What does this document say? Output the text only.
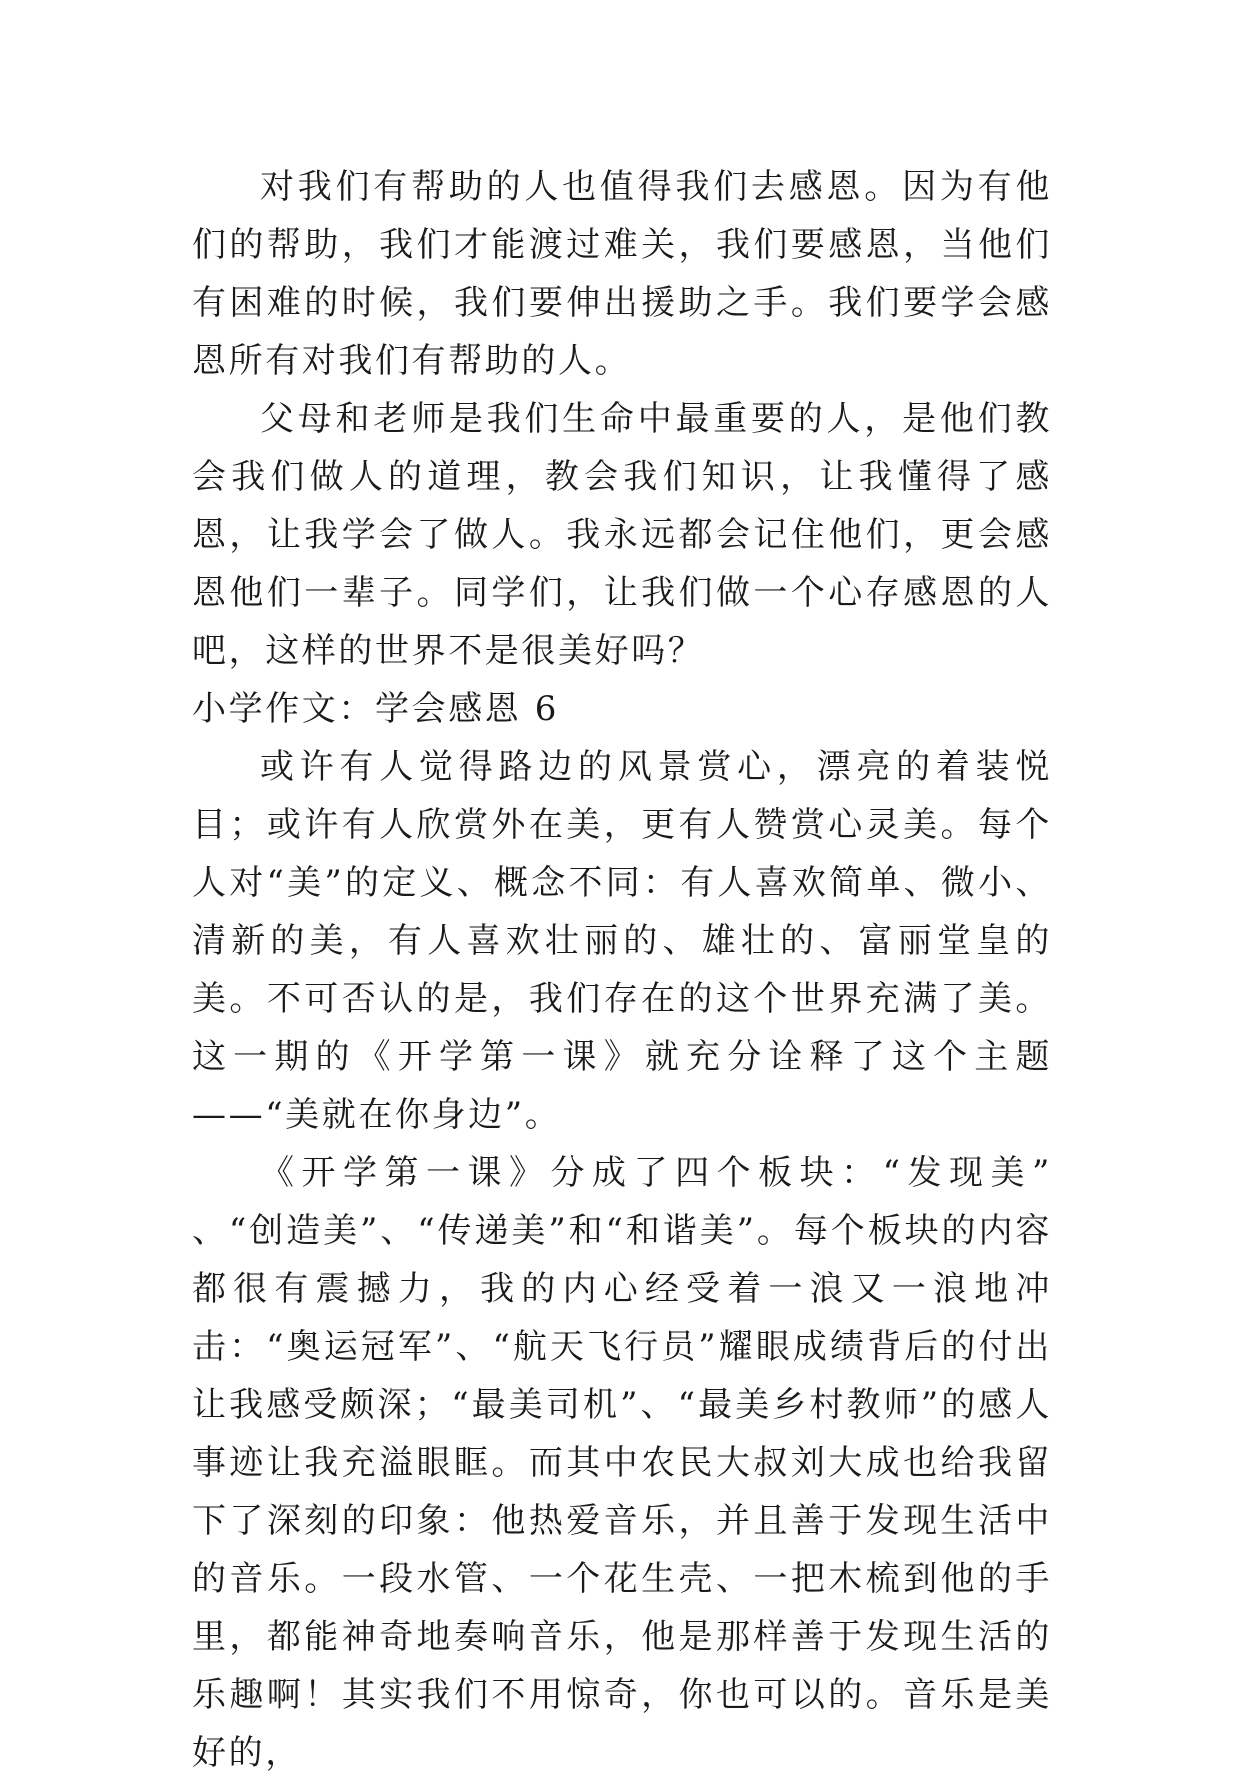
对我们有帮助的人也值得我们去感恩。因为有他们的帮助，我们才能渡过难关，我们要感恩，当他们有困难的时候，我们要伸出援助之手。我们要学会感恩所有对我们有帮助的人。

父母和老师是我们生命中最重要的人，是他们教会我们做人的道理，教会我们知识，让我懂得了感恩，让我学会了做人。我永远都会记住他们，更会感恩他们一辈子。同学们，让我们做一个心存感恩的人吧，这样的世界不是很美好吗？

小学作文：学会感恩 6

或许有人觉得路边的风景赏心，漂亮的着装悦目；或许有人欣赏外在美，更有人赞赏心灵美。每个人对“美”的定义、概念不同：有人喜欢简单、微小、清新的美，有人喜欢壮丽的、雄壮的、富丽堂皇的美。不可否认的是，我们存在的这个世界充满了美。这一期的《开学第一课》就充分诠释了这个主题——“美就在你身边”。

《开学第一课》分成了四个板块：“发现美” 、“创造美”、“传递美”和“和谐美”。每个板块的内容都很有震撼力，我的内心经受着一浪又一浪地冲击：“奥运冠军”、“航天飞行员”耀眼成绩背后的付出让我感受颇深；“最美司机”、“最美乡村教师”的感人事迹让我充溢眼眶。而其中农民大叔刘大成也给我留下了深刻的印象：他热爱音乐，并且善于发现生活中的音乐。一段水管、一个花生壳、一把木梳到他的手里，都能神奇地奏响音乐，他是那样善于发现生活的乐趣啊！其实我们不用惊奇，你也可以的。音乐是美好的，
